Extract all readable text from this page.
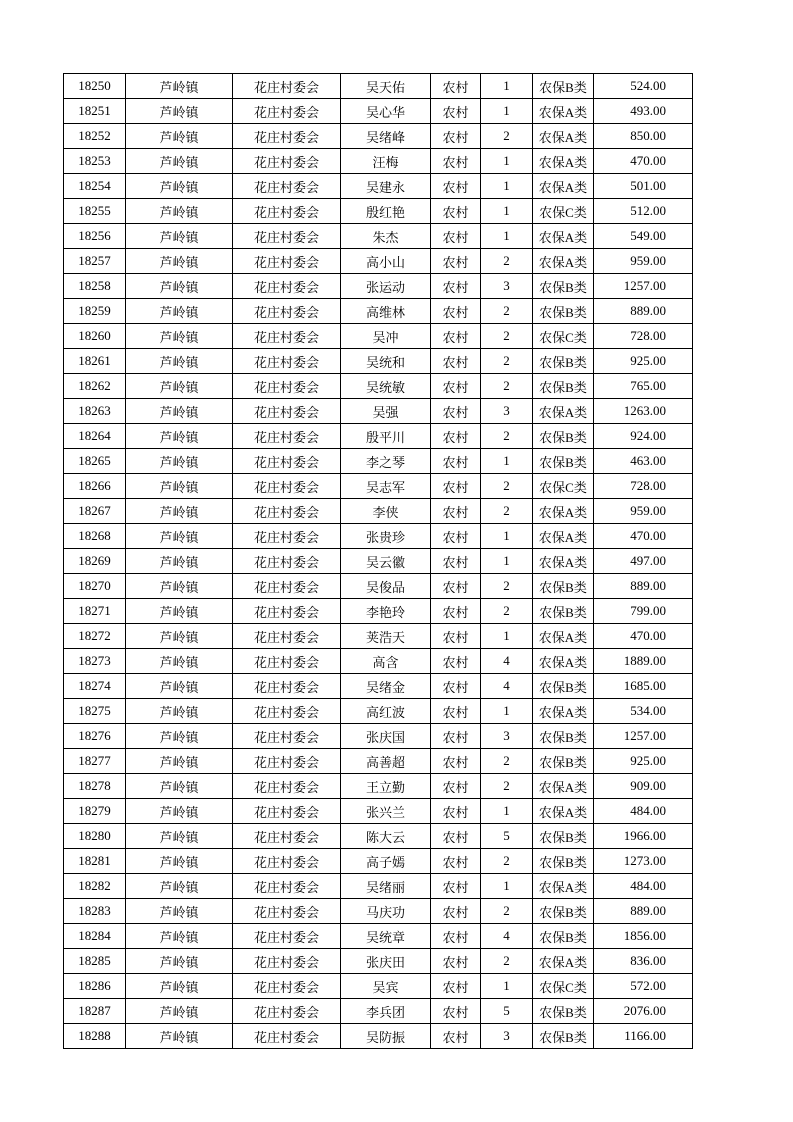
18250	芦岭镇	花庄村委会	吴天佑	农村	1	农保B类	524.00
18251	芦岭镇	花庄村委会	吴心华	农村	1	农保A类	493.00
18252	芦岭镇	花庄村委会	吴绪峰	农村	2	农保A类	850.00
18253	芦岭镇	花庄村委会	汪梅	农村	1	农保A类	470.00
18254	芦岭镇	花庄村委会	吴建永	农村	1	农保A类	501.00
18255	芦岭镇	花庄村委会	殷红艳	农村	1	农保C类	512.00
18256	芦岭镇	花庄村委会	朱杰	农村	1	农保A类	549.00
18257	芦岭镇	花庄村委会	高小山	农村	2	农保A类	959.00
18258	芦岭镇	花庄村委会	张运动	农村	3	农保B类	1257.00
18259	芦岭镇	花庄村委会	高维林	农村	2	农保B类	889.00
18260	芦岭镇	花庄村委会	吴冲	农村	2	农保C类	728.00
18261	芦岭镇	花庄村委会	吴统和	农村	2	农保B类	925.00
18262	芦岭镇	花庄村委会	吴统敏	农村	2	农保B类	765.00
18263	芦岭镇	花庄村委会	吴强	农村	3	农保A类	1263.00
18264	芦岭镇	花庄村委会	殷平川	农村	2	农保B类	924.00
18265	芦岭镇	花庄村委会	李之琴	农村	1	农保B类	463.00
18266	芦岭镇	花庄村委会	吴志军	农村	2	农保C类	728.00
18267	芦岭镇	花庄村委会	李侠	农村	2	农保A类	959.00
18268	芦岭镇	花庄村委会	张贵珍	农村	1	农保A类	470.00
18269	芦岭镇	花庄村委会	吴云徽	农村	1	农保A类	497.00
18270	芦岭镇	花庄村委会	吴俊品	农村	2	农保B类	889.00
18271	芦岭镇	花庄村委会	李艳玲	农村	2	农保B类	799.00
18272	芦岭镇	花庄村委会	荚浩天	农村	1	农保A类	470.00
18273	芦岭镇	花庄村委会	高含	农村	4	农保A类	1889.00
18274	芦岭镇	花庄村委会	吴绪金	农村	4	农保B类	1685.00
18275	芦岭镇	花庄村委会	高红波	农村	1	农保A类	534.00
18276	芦岭镇	花庄村委会	张庆国	农村	3	农保B类	1257.00
18277	芦岭镇	花庄村委会	高善超	农村	2	农保B类	925.00
18278	芦岭镇	花庄村委会	王立勤	农村	2	农保A类	909.00
18279	芦岭镇	花庄村委会	张兴兰	农村	1	农保A类	484.00
18280	芦岭镇	花庄村委会	陈大云	农村	5	农保B类	1966.00
18281	芦岭镇	花庄村委会	高子嫣	农村	2	农保B类	1273.00
18282	芦岭镇	花庄村委会	吴绪丽	农村	1	农保A类	484.00
18283	芦岭镇	花庄村委会	马庆功	农村	2	农保B类	889.00
18284	芦岭镇	花庄村委会	吴统章	农村	4	农保B类	1856.00
18285	芦岭镇	花庄村委会	张庆田	农村	2	农保A类	836.00
18286	芦岭镇	花庄村委会	吴宾	农村	1	农保C类	572.00
18287	芦岭镇	花庄村委会	李兵团	农村	5	农保B类	2076.00
18288	芦岭镇	花庄村委会	吴防振	农村	3	农保B类	1166.00
